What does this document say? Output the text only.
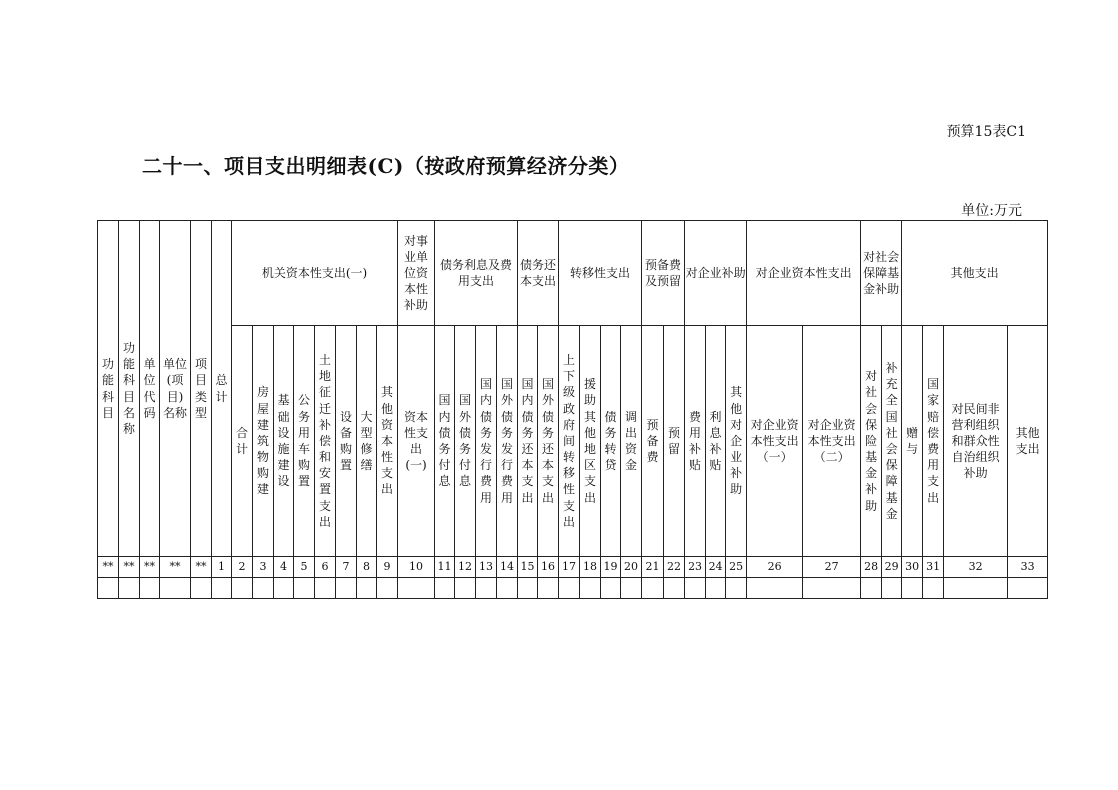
预算15表C1
二十一、项目支出明细表(C)（按政府预算经济分类）
单位:万元
功能科目	功能科目名称	单位代码	单位(项目)名称	项目类型	总计	机关资本性支出(一)								对事业单位资本性补助	债务利息及费用支出				债务还本支出		转移性支出				预备费及预留		对企业补助			对企业资本性支出		对社会保障基金补助		其他支出			
						合计	房屋建筑物购建	基础设施建设	公务用车购置	土地征迁补偿和安置支出	设备购置	大型修缮	其他资本性支出	资本性支出(一)	国内债务付息	国外债务付息	国内债务发行费用	国外债务发行费用	国内债务还本支出	国外债务还本支出	上下级政府间转移性支出	援助其他地区支出	债务转贷	调出资金	预备费	预留	费用补贴	利息补贴	其他对企业补助	对企业资本性支出（一）	对企业资本性支出（二）	对社会保险基金补助	补充全国社会保障基金	赠与	国家赔偿费用支出	对民间非营利组织和群众性自治组织补助	其他支出
**	**	**	**	**	1	2	3	4	5	6	7	8	9	10	11	12	13	14	15	16	17	18	19	20	21	22	23	24	25	26	27	28	29	30	31	32	33
